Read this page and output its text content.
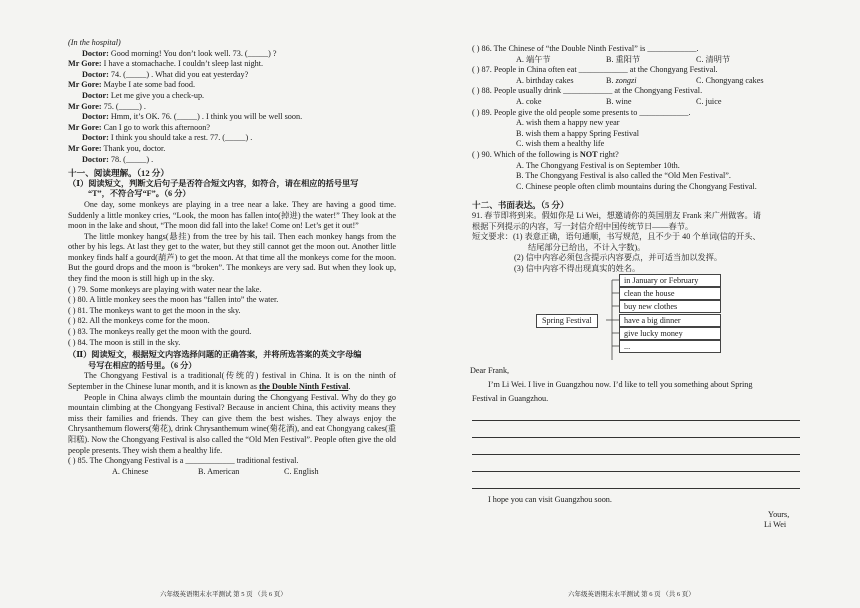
(In the hospital)
Doctor: Good morning! You don’t look well. 73. (_____) ?
Mr Gore: I have a stomachache. I couldn’t sleep last night.
Doctor: 74. (_____) . What did you eat yesterday?
Mr Gore: Maybe I ate some bad food.
Doctor: Let me give you a check-up.
Mr Gore: 75. (_____) .
Doctor: Hmm, it’s OK. 76. (_____) . I think you will be well soon.
Mr Gore: Can I go to work this afternoon?
Doctor: I think you should take a rest. 77. (_____) .
Mr Gore: Thank you, doctor.
Doctor: 78. (_____) .
十一、阅读理解。（12 分）
（Ⅰ）阅读短文，判断文后句子是否符合短文内容，如符合，请在相应的括号里写
“T”，不符合写“F”。（6 分）
One day, some monkeys are playing in a tree near a lake. They are having a good time. Suddenly a little monkey cries, “Look, the moon has fallen into(掉进) the water!” They look at the moon in the lake and shout, “The moon did fall into the lake! Come on! Let’s get it out!”
The little monkey hangs(悬挂) from the tree by his tail. Then each monkey hangs from the other by his legs. At last they get to the water, but they still cannot get the moon out. Another little monkey finds half a gourd(葫芦) to get the moon. At that time all the monkeys come for the moon. But the gourd drops and the moon is “broken”. The monkeys are very sad. But when they look up, they find the moon is still high up in the sky.
( ) 79. Some monkeys are playing with water near the lake.
( ) 80. A little monkey sees the moon has “fallen into” the water.
( ) 81. The monkeys want to get the moon in the sky.
( ) 82. All the monkeys come for the moon.
( ) 83. The monkeys really get the moon with the gourd.
( ) 84. The moon is still in the sky.
（Ⅱ）阅读短文，根据短文内容选择问题的正确答案，并将所选答案的英文字母编
号写在相应的括号里。（6 分）
The Chongyang Festival is a traditional(传统的) festival in China. It is on the ninth of September in the Chinese lunar month, and it is known as the Double Ninth Festival.
People in China always climb the mountain during the Chongyang Festival. Why do they go mountain climbing at the Chongyang Festival? Because in ancient China, this activity means they miss their families and friends. They can give them the best wishes. They always enjoy the Chrysanthemum flowers(菊花), drink Chrysanthemum wine(菊花酒), and eat Chongyang cakes(重阳糕). Now the Chongyang Festival is also called the “Old Men Festival”. People often give the old people presents. They wish them a healthy life.
( ) 85. The Chongyang Festival is a ____________ traditional festival.
A. Chinese	B. American	C. English
( ) 86. The Chinese of “the Double Ninth Festival” is ____________.
A. 端午节	B. 重阳节	C. 清明节
( ) 87. People in China often eat ____________ at the Chongyang Festival.
A. birthday cakes	B. zongzi	C. Chongyang cakes
( ) 88. People usually drink ____________ at the Chongyang Festival.
A. coke	B. wine	C. juice
( ) 89. People give the old people some presents to ____________.
A. wish them a happy new year
B. wish them a happy Spring Festival
C. wish them a healthy life
( ) 90. Which of the following is NOT right?
A. The Chongyang Festival is on September 10th.
B. The Chongyang Festival is also called the “Old Men Festival”.
C. Chinese people often climb mountains during the Chongyang Festival.
十二、书面表达。（5 分）
91. 春节即将到来。假如你是 Li Wei，想邀请你的英国朋友 Frank 来广州做客。请
根据下列提示的内容，写一封信介绍中国传统节日——春节。
短文要求：(1) 表意正确，语句通顺，书写规范，且不少于 40 个单词(信的开头、
结尾部分已给出，不计入字数)。
(2) 信中内容必须包含提示内容要点，并可适当加以发挥。
(3) 信中内容不得出现真实的姓名。
Spring Festival
in January or February
clean the house
buy new clothes
have a big dinner
give lucky money
...
Dear Frank,
I’m Li Wei. I live in Guangzhou now. I’d like to tell you something about Spring
Festival in Guangzhou.
I hope you can visit Guangzhou soon.
Yours,
Li Wei
六年级英语期末水平测试 第 5 页 （共 6 页）	六年级英语期末水平测试 第 6 页 （共 6 页）
